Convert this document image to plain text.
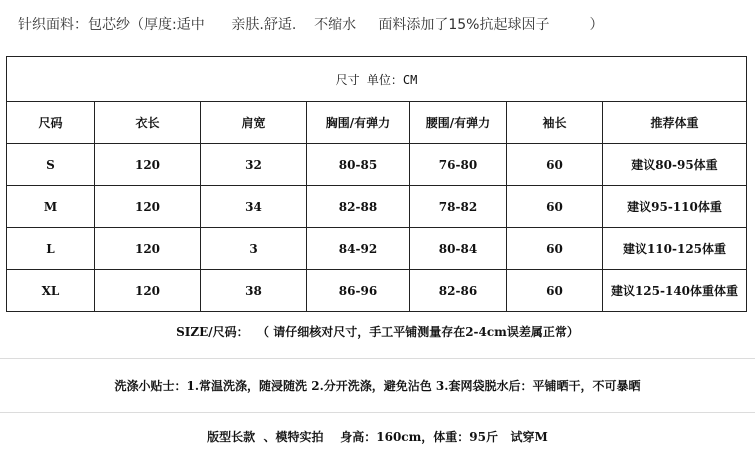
针织面料：包芯纱（厚度:适中      亲肤.舒适.    不缩水     面料添加了15%抗起球因子         ）
尺寸 单位：CM
尺码	衣长	肩宽	胸围/有弹力	腰围/有弹力	袖长	推荐体重
S	120	32	80-85	76-80	60	建议80-95体重
M	120	34	82-88	78-82	60	建议95-110体重
L	120	3	84-92	80-84	60	建议110-125体重
XL	120	38	86-96	82-86	60	建议125-140体重体重
SIZE/尺码：  （ 请仔细核对尺寸，手工平铺测量存在2-4cm误差属正常）
洗涤小贴士：1.常温洗涤，随浸随洗 2.分开洗涤，避免沾色 3.套网袋脱水后：平铺晒干，不可暴晒
版型长款  、模特实拍    身高：160cm，体重：95斤   试穿M
